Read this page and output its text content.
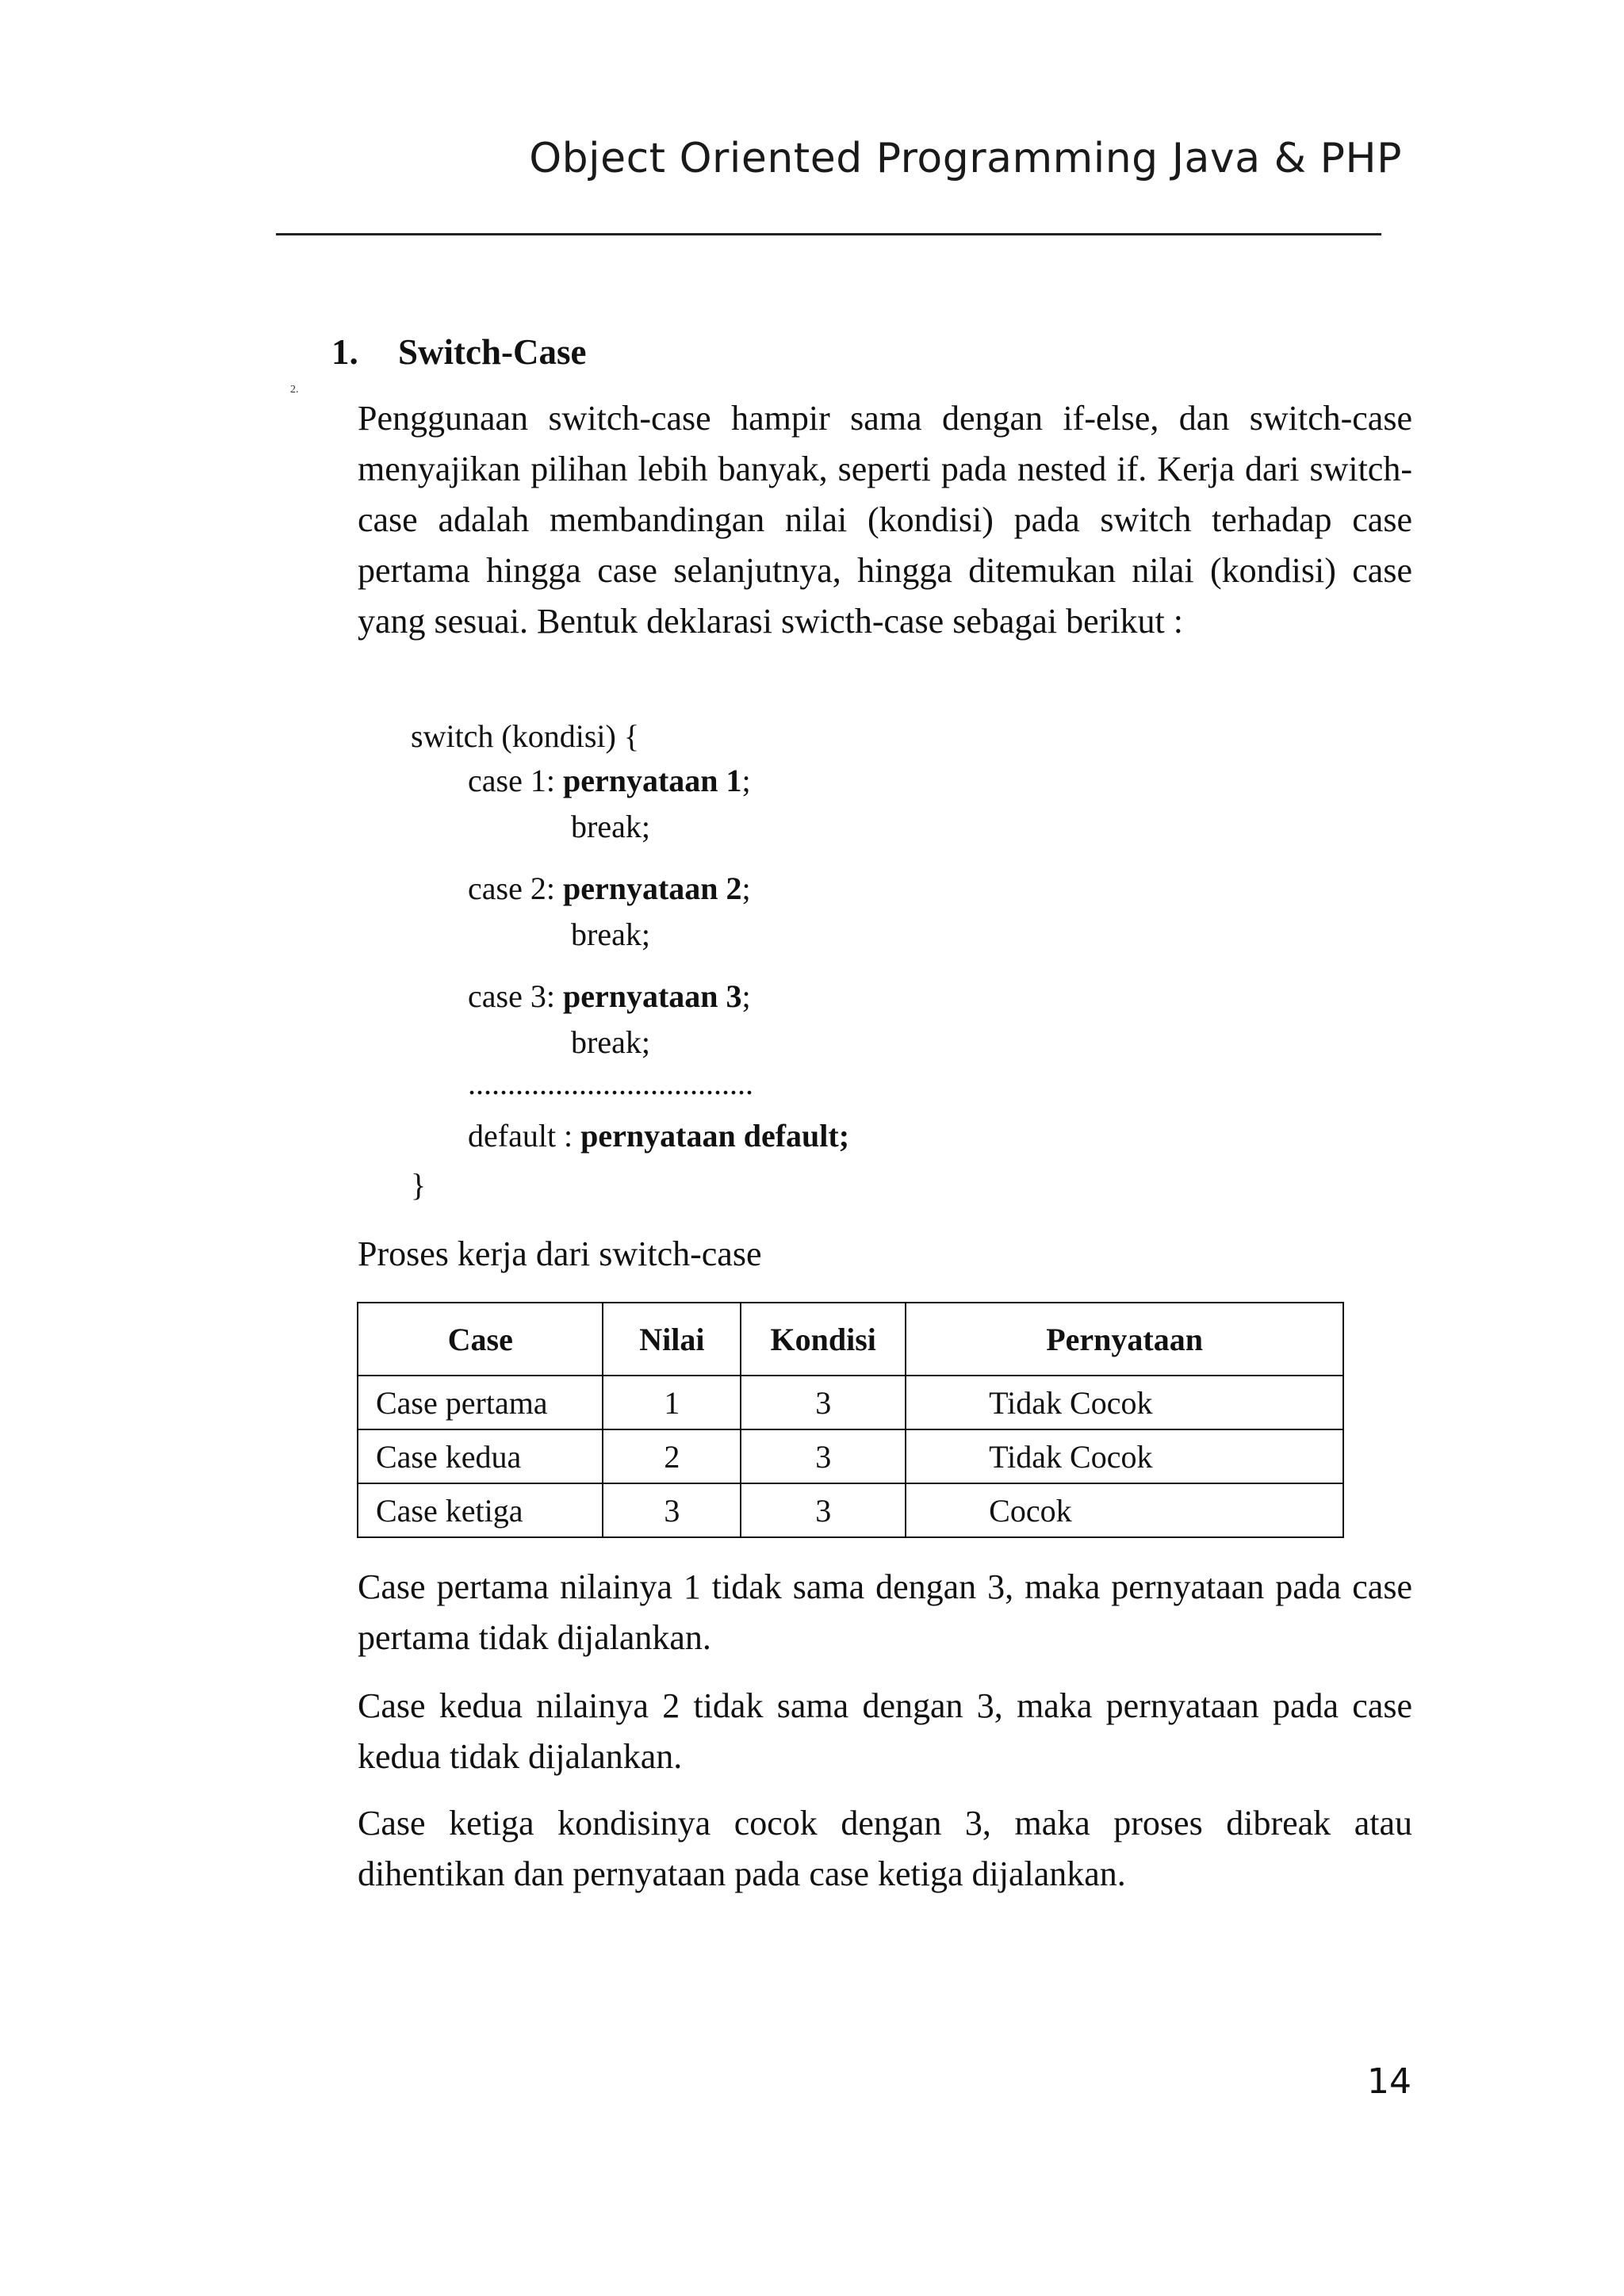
Object Oriented Programming Java & PHP
1. Switch-Case
2.

Penggunaan switch-case hampir sama dengan if-else, dan switch-case menyajikan pilihan lebih banyak, seperti pada nested if. Kerja dari switch-case adalah membandingan nilai (kondisi) pada switch terhadap case pertama hingga case selanjutnya, hingga ditemukan nilai (kondisi) case yang sesuai. Bentuk deklarasi swicth-case sebagai berikut :

switch (kondisi) {
case 1: pernyataan 1;
break;
case 2: pernyataan 2;
break;
case 3: pernyataan 3;
break;
....................................
default : pernyataan default;
}
Proses kerja dari switch-case
Case	Nilai	Kondisi	Pernyataan
Case pertama	1	3	Tidak Cocok
Case kedua	2	3	Tidak Cocok
Case ketiga	3	3	Cocok

Case pertama nilainya 1 tidak sama dengan 3, maka pernyataan pada case pertama tidak dijalankan.

Case kedua nilainya 2 tidak sama dengan 3, maka pernyataan pada case kedua tidak dijalankan.

Case ketiga kondisinya cocok dengan 3, maka proses dibreak atau dihentikan dan pernyataan pada case ketiga dijalankan.

14
